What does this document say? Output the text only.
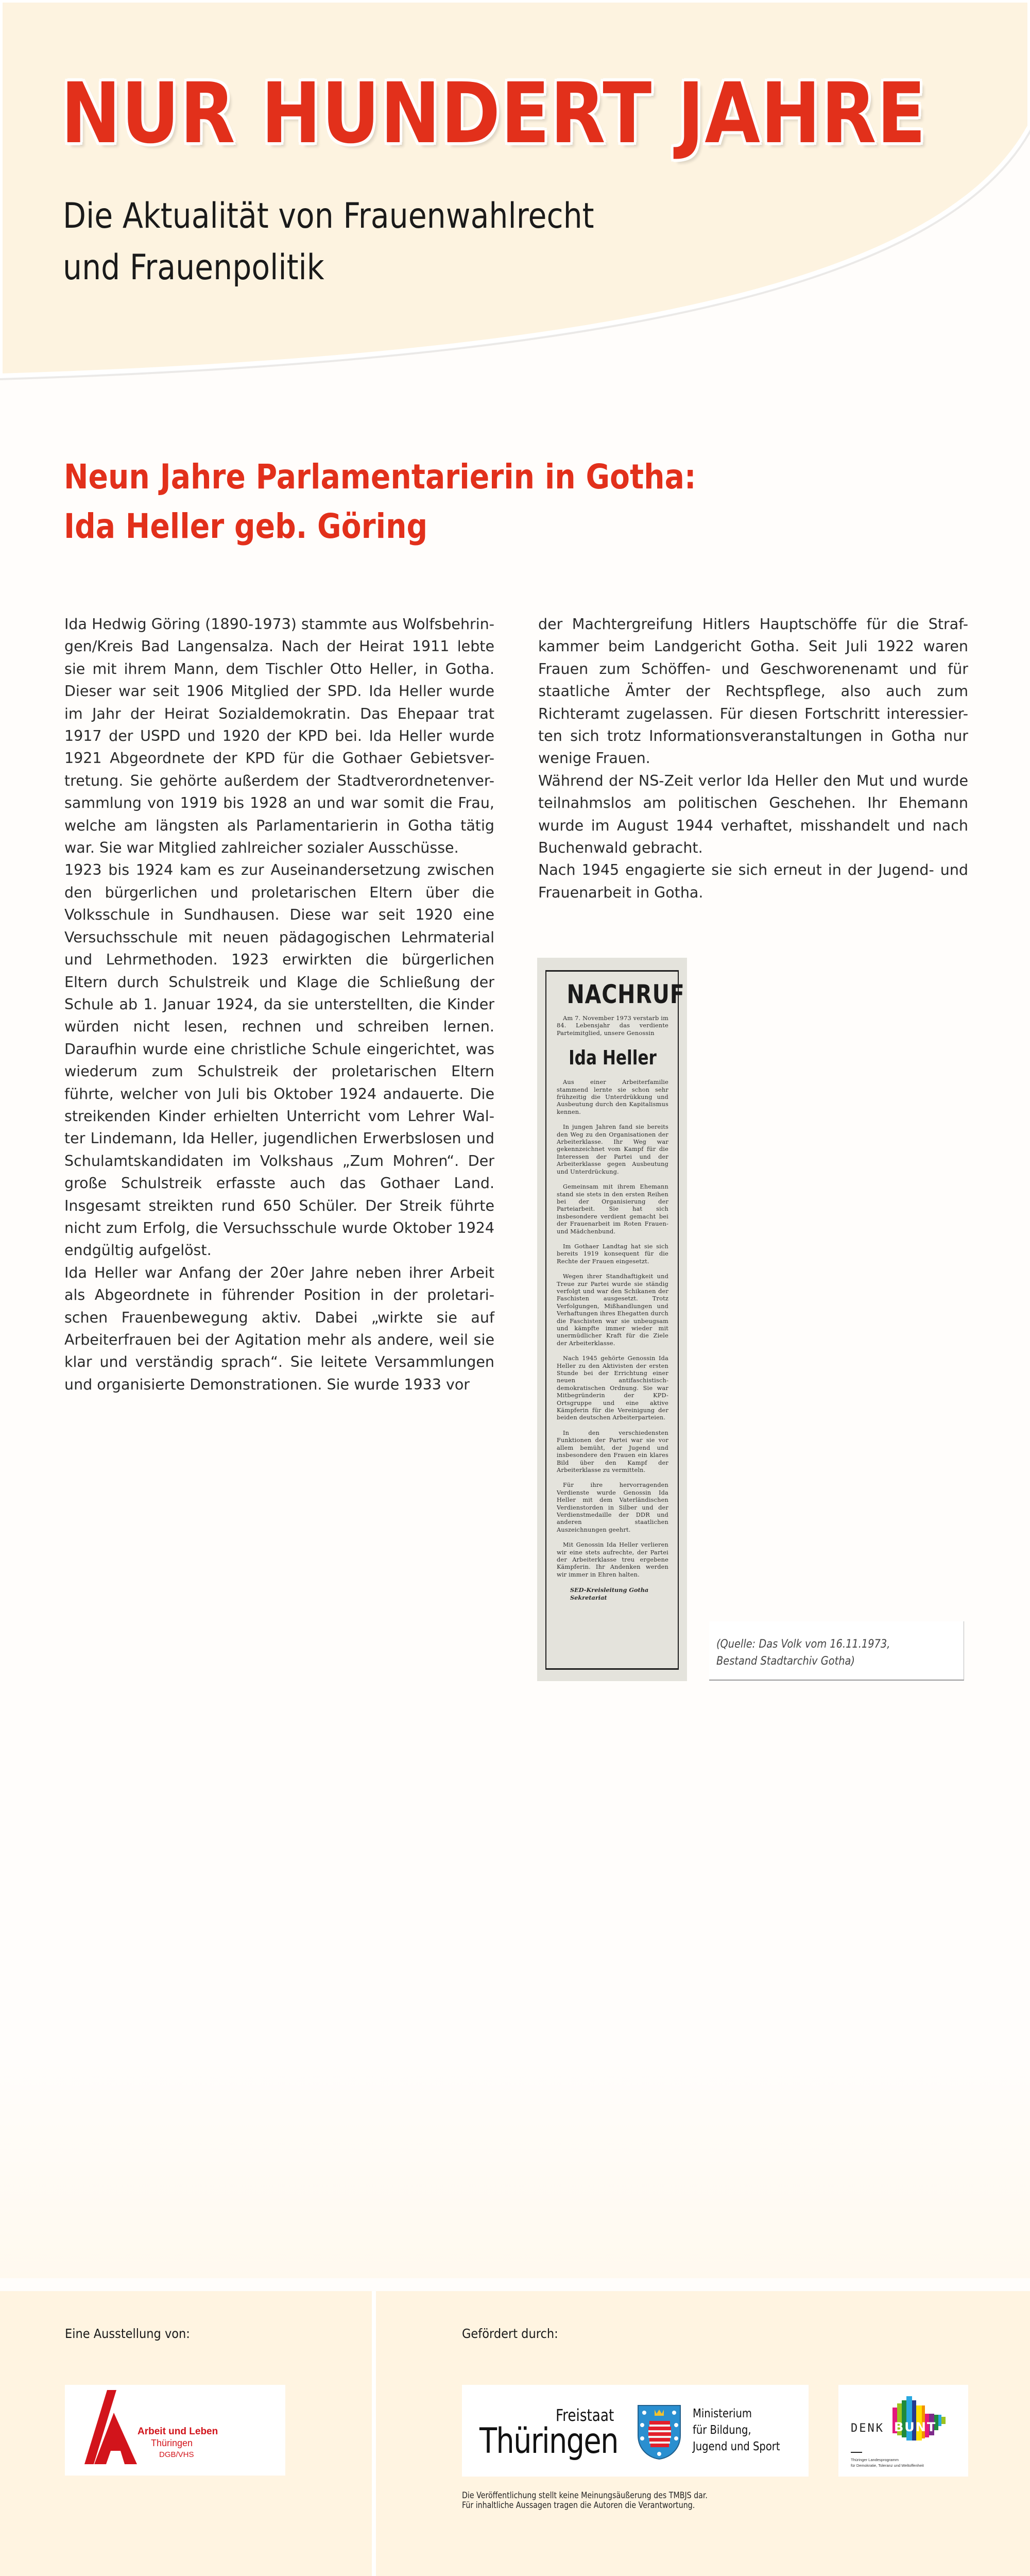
NUR HUNDERT JAHRE
Die Aktualität von Frauenwahlrecht
und Frauenpolitik
Neun Jahre Parlamentarierin in Gotha:
Ida Heller geb. Göring

Ida Hedwig Göring (1890-1973) stammte aus Wolfsbehrin-gen/Kreis Bad Langensalza. Nach der Heirat 1911 lebte sie mit ihrem Mann, dem Tischler Otto Heller, in Gotha. Dieser war seit 1906 Mitglied der SPD. Ida Heller wurde im Jahr der Heirat Sozialdemokratin. Das Ehepaar trat 1917 der USPD und 1920 der KPD bei. Ida Heller wurde 1921 Abgeordnete der KPD für die Gothaer Gebietsver-tretung. Sie gehörte außerdem der Stadtverordnetenver-sammlung von 1919 bis 1928 an und war somit die Frau, welche am längsten als Parlamentarierin in Gotha tätig war. Sie war Mitglied zahlreicher sozialer Ausschüsse.

1923 bis 1924 kam es zur Auseinandersetzung zwischen den bürgerlichen und proletarischen Eltern über die Volksschule in Sundhausen. Diese war seit 1920 eine Versuchsschule mit neuen pädagogischen Lehrmaterial und Lehrmethoden. 1923 erwirkten die bürgerlichen Eltern durch Schulstreik und Klage die Schließung der Schule ab 1. Januar 1924, da sie unterstellten, die Kinder würden nicht lesen, rechnen und schreiben lernen. Daraufhin wurde eine christliche Schule eingerichtet, was wiederum zum Schulstreik der proletarischen Eltern führte, welcher von Juli bis Oktober 1924 andauerte. Die streikenden Kinder erhielten Unterricht vom Lehrer Wal-ter Lindemann, Ida Heller, jugendlichen Erwerbslosen und Schulamtskandidaten im Volkshaus „Zum Mohren“. Der große Schulstreik erfasste auch das Gothaer Land. Insgesamt streikten rund 650 Schüler. Der Streik führte nicht zum Erfolg, die Versuchsschule wurde Oktober 1924 endgültig aufgelöst.

Ida Heller war Anfang der 20er Jahre neben ihrer Arbeit als Abgeordnete in führender Position in der proletari-schen Frauenbewegung aktiv. Dabei „wirkte sie auf Arbeiterfrauen bei der Agitation mehr als andere, weil sie klar und verständig sprach“. Sie leitete Versammlungen und organisierte Demonstrationen. Sie wurde 1933 vor

der Machtergreifung Hitlers Hauptschöffe für die Straf-kammer beim Landgericht Gotha. Seit Juli 1922 waren Frauen zum Schöffen- und Geschworenenamt und für staatliche Ämter der Rechtspflege, also auch zum Richteramt zugelassen. Für diesen Fortschritt interessier-ten sich trotz Informationsveranstaltungen in Gotha nur wenige Frauen.

Während der NS-Zeit verlor Ida Heller den Mut und wurde teilnahmslos am politischen Geschehen. Ihr Ehemann wurde im August 1944 verhaftet, misshandelt und nach Buchenwald gebracht.

Nach 1945 engagierte sie sich erneut in der Jugend- und Frauenarbeit in Gotha.

NACHRUF

Am 7. November 1973 verstarb im 84. Lebensjahr das verdiente Parteimitglied, unsere Genossin

Ida Heller

Aus einer Arbeiterfamilie stammend lernte sie schon sehr frühzeitig die Unterdrükkung und Ausbeutung durch den Kapitalismus kennen.

In jungen Jahren fand sie bereits den Weg zu den Organisationen der Arbeiterklasse. Ihr Weg war gekennzeichnet vom Kampf für die Interessen der Partei und der Arbeiterklasse gegen Ausbeutung und Unterdrückung.

Gemeinsam mit ihrem Ehemann stand sie stets in den ersten Reihen bei der Organisierung der Parteiarbeit. Sie hat sich insbesondere verdient gemacht bei der Frauenarbeit im Roten Frauen- und Mädchenbund.

Im Gothaer Landtag hat sie sich bereits 1919 konsequent für die Rechte der Frauen eingesetzt.

Wegen ihrer Standhaftigkeit und Treue zur Partei wurde sie ständig verfolgt und war den Schikanen der Faschisten ausgesetzt. Trotz Verfolgungen, Mißhandlungen und Verhaftungen ihres Ehegatten durch die Faschisten war sie unbeugsam und kämpfte immer wieder mit unermüdlicher Kraft für die Ziele der Arbeiterklasse.

Nach 1945 gehörte Genossin Ida Heller zu den Aktivisten der ersten Stunde bei der Errichtung einer neuen antifaschistisch-demokratischen Ordnung. Sie war Mitbegründerin der KPD-Ortsgruppe und eine aktive Kämpferin für die Vereinigung der beiden deutschen Arbeiterparteien.

In den verschiedensten Funktionen der Partei war sie vor allem bemüht, der Jugend und insbesondere den Frauen ein klares Bild über den Kampf der Arbeiterklasse zu vermitteln.

Für ihre hervorragenden Verdienste wurde Genossin Ida Heller mit dem Vaterländischen Verdienstorden in Silber und der Verdienstmedaille der DDR und anderen staatlichen Auszeichnungen geehrt.

Mit Genossin Ida Heller verlieren wir eine stets aufrechte, der Partei der Arbeiterklasse treu ergebene Kämpferin. Ihr Andenken werden wir immer in Ehren halten.

SED-Kreisleitung Gotha
Sekretariat
(Quelle: Das Volk vom 16.11.1973,
Bestand Stadtarchiv Gotha)
Eine Ausstellung von:
Arbeit und Leben
Thüringen
DGB/VHS
Gefördert durch:
Freistaat
Thüringen
Ministerium
für Bildung,
Jugend und Sport
DENK BUNT
Thüringer Landesprogramm
für Demokratie, Toleranz und Weltoffenheit
Die Veröffentlichung stellt keine Meinungsäußerung des TMBJS dar.
Für inhaltliche Aussagen tragen die Autoren die Verantwortung.
